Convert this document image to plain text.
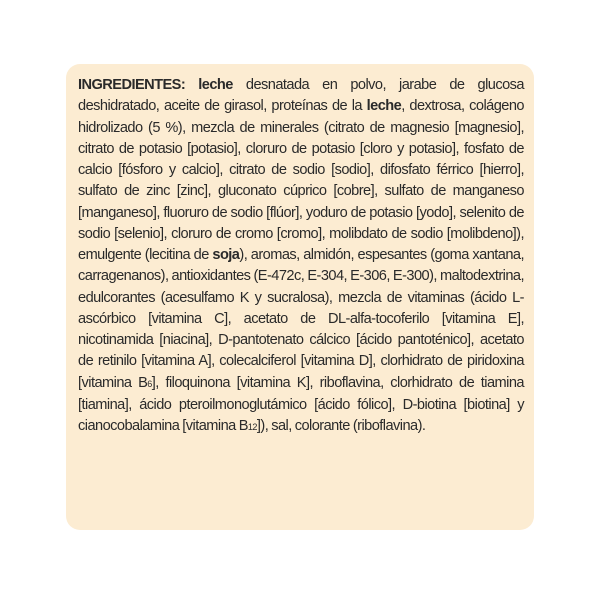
INGREDIENTES: leche desnatada en polvo, jarabe de glucosa deshidratado, aceite de girasol, proteínas de la leche, dextrosa, colágeno hidrolizado (5 %), mezcla de minerales (citrato de magnesio [magnesio], citrato de potasio [potasio], cloruro de potasio [cloro y potasio], fosfato de calcio [fósforo y calcio], citrato de sodio [sodio], difosfato férrico [hierro], sulfato de zinc [zinc], gluconato cúprico [cobre], sulfato de manganeso [manganeso], fluoruro de sodio [flúor], yoduro de potasio [yodo], selenito de sodio [selenio], cloruro de cromo [cromo], molibdato de sodio [molibdeno]), emulgente (lecitina de soja), aromas, almidón, espesantes (goma xantana, carragenanos), antioxidantes (E-472c, E-304, E-306, E-300), maltodextrina, edulcorantes (acesulfamo K y sucralosa), mezcla de vitaminas (ácido L-ascórbico [vitamina C], acetato de DL-alfa-tocoferilo [vitamina E], nicotinamida [niacina], D-pantotenato cálcico [ácido pantoténico], acetato de retinilo [vitamina A], colecalciferol [vitamina D], clorhidrato de piridoxina [vitamina B6], filoquinona [vitamina K], riboflavina, clorhidrato de tiamina [tiamina], ácido pteroilmonoglutámico [ácido fólico], D-biotina [biotina] y cianocobalamina [vitamina B12]), sal, colorante (riboflavina).
